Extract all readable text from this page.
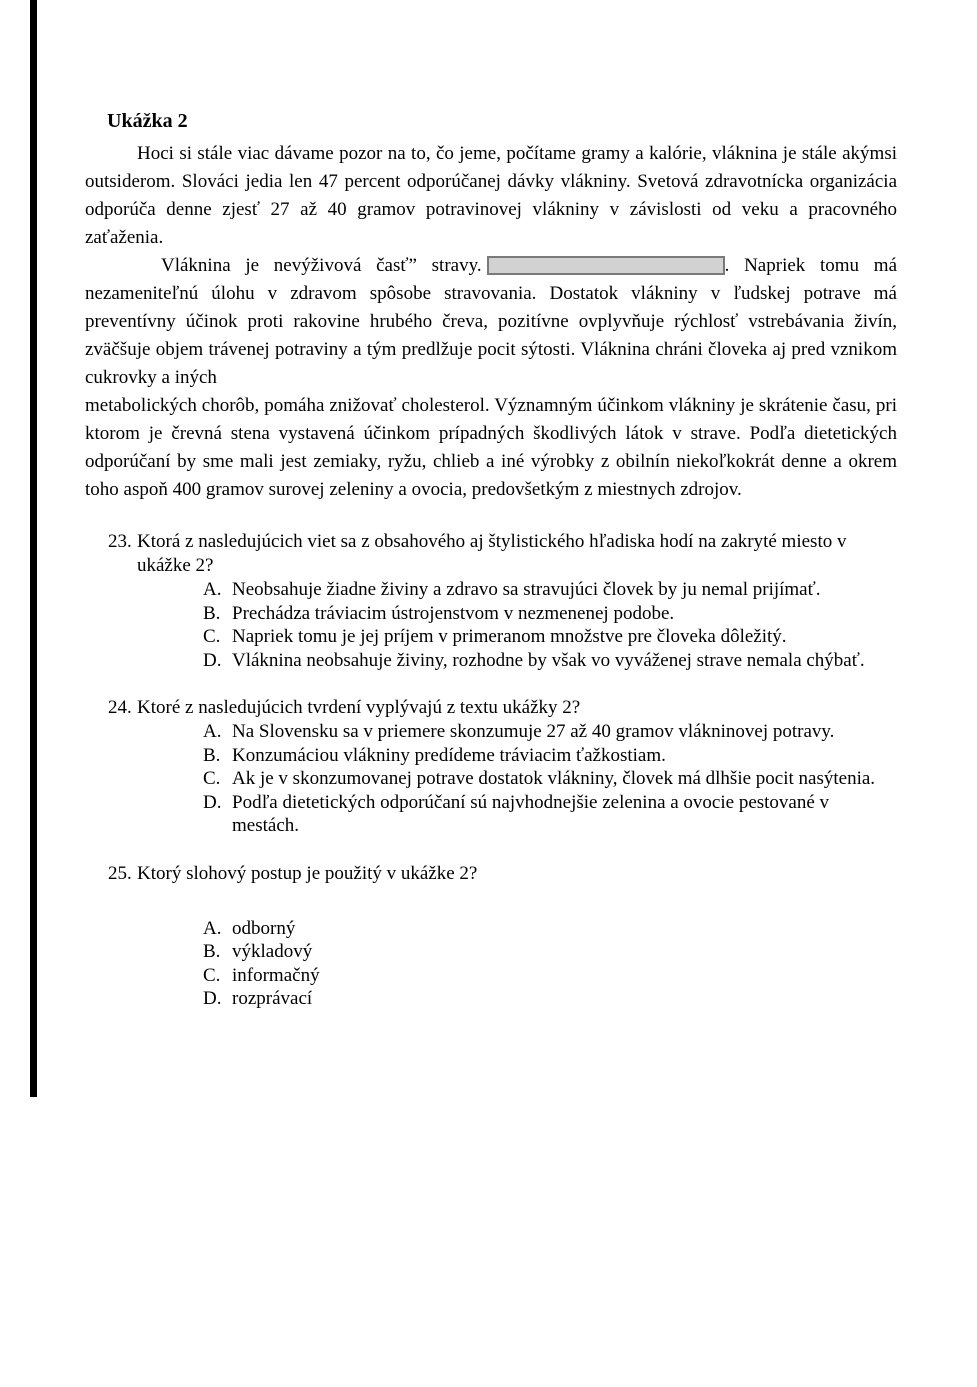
Ukážka 2

Hoci si stále viac dávame pozor na to, čo jeme, počítame gramy a kalórie, vláknina je stále akýmsi outsiderom. Slováci jedia len 47 percent odporúčanej dávky vlákniny. Svetová zdravotnícka organizácia odporúča denne zjesť 27 až 40 gramov potravinovej vlákniny v závislosti od veku a pracovného zaťaženia.

Vláknina je nevýživová časť” stravy.	. Napriek tomu má nezameniteľnú úlohu v zdravom spôsobe stravovania. Dostatok vlákniny v ľudskej potrave má preventívny účinok proti rakovine hrubého čreva, pozitívne ovplyvňuje rýchlosť vstrebávania živín, zväčšuje objem trávenej potraviny a tým predlžuje pocit sýtosti. Vláknina chráni človeka aj pred vznikom cukrovky a iných

metabolických chorôb, pomáha znižovať cholesterol. Významným účinkom vlákniny je skrátenie času, pri ktorom je črevná stena vystavená účinkom prípadných škodlivých látok v strave. Podľa dietetických odporúčaní by sme mali jest zemiaky, ryžu, chlieb a iné výrobky z obilnín niekoľkokrát denne a okrem toho aspoň 400 gramov surovej zeleniny a ovocia, predovšetkým z miestnych zdrojov.

23. Ktorá z nasledujúcich viet sa z obsahového aj štylistického hľadiska hodí na zakryté miesto v ukážke 2?
A. Neobsahuje žiadne živiny a zdravo sa stravujúci človek by ju nemal prijímať.
B. Prechádza tráviacim ústrojenstvom v nezmenenej podobe.
C. Napriek tomu je jej príjem v primeranom množstve pre človeka dôležitý.
D. Vláknina neobsahuje živiny, rozhodne by však vo vyváženej strave nemala chýbať.
24. Ktoré z nasledujúcich tvrdení vyplývajú z textu ukážky 2?
A. Na Slovensku sa v priemere skonzumuje 27 až 40 gramov vlákninovej potravy.
B. Konzumáciou vlákniny predídeme tráviacim ťažkostiam.
C. Ak je v skonzumovanej potrave dostatok vlákniny, človek má dlhšie pocit nasýtenia.
D. Podľa dietetických odporúčaní sú najvhodnejšie zelenina a ovocie pestované v mestách.
25. Ktorý slohový postup je použitý v ukážke 2?
A. odborný
B. výkladový
C. informačný
D. rozprávací
